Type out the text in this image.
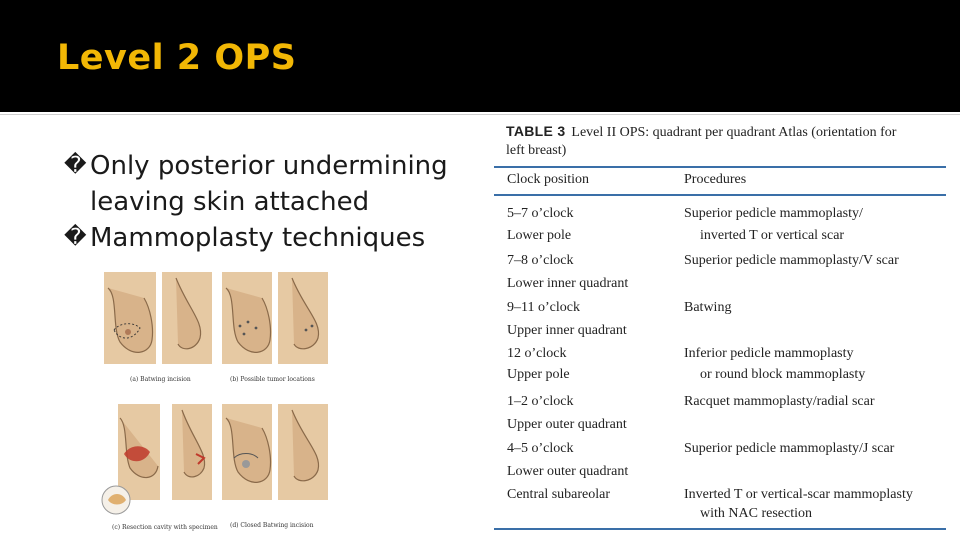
Level 2 OPS
� Only posterior undermining
leaving skin attached
� Mammoplasty techniques
(a) Batwing incision	(b) Possible tumor locations
(c) Resection cavity with specimen (d) Closed Batwing incision
TABLE 3 Level II OPS: quadrant per quadrant Atlas (orientation for
left breast)
Clock position	Procedures
5–7 o’clock	Superior pedicle mammoplasty/
Lower pole	inverted T or vertical scar
7–8 o’clock	Superior pedicle mammoplasty/V scar
Lower inner quadrant
9–11 o’clock	Batwing
Upper inner quadrant
12 o’clock	Inferior pedicle mammoplasty
Upper pole	or round block mammoplasty
1–2 o’clock	Racquet mammoplasty/radial scar
Upper outer quadrant
4–5 o’clock	Superior pedicle mammoplasty/J scar
Lower outer quadrant
Central subareolar	Inverted T or vertical-scar mammoplasty
with NAC resection
